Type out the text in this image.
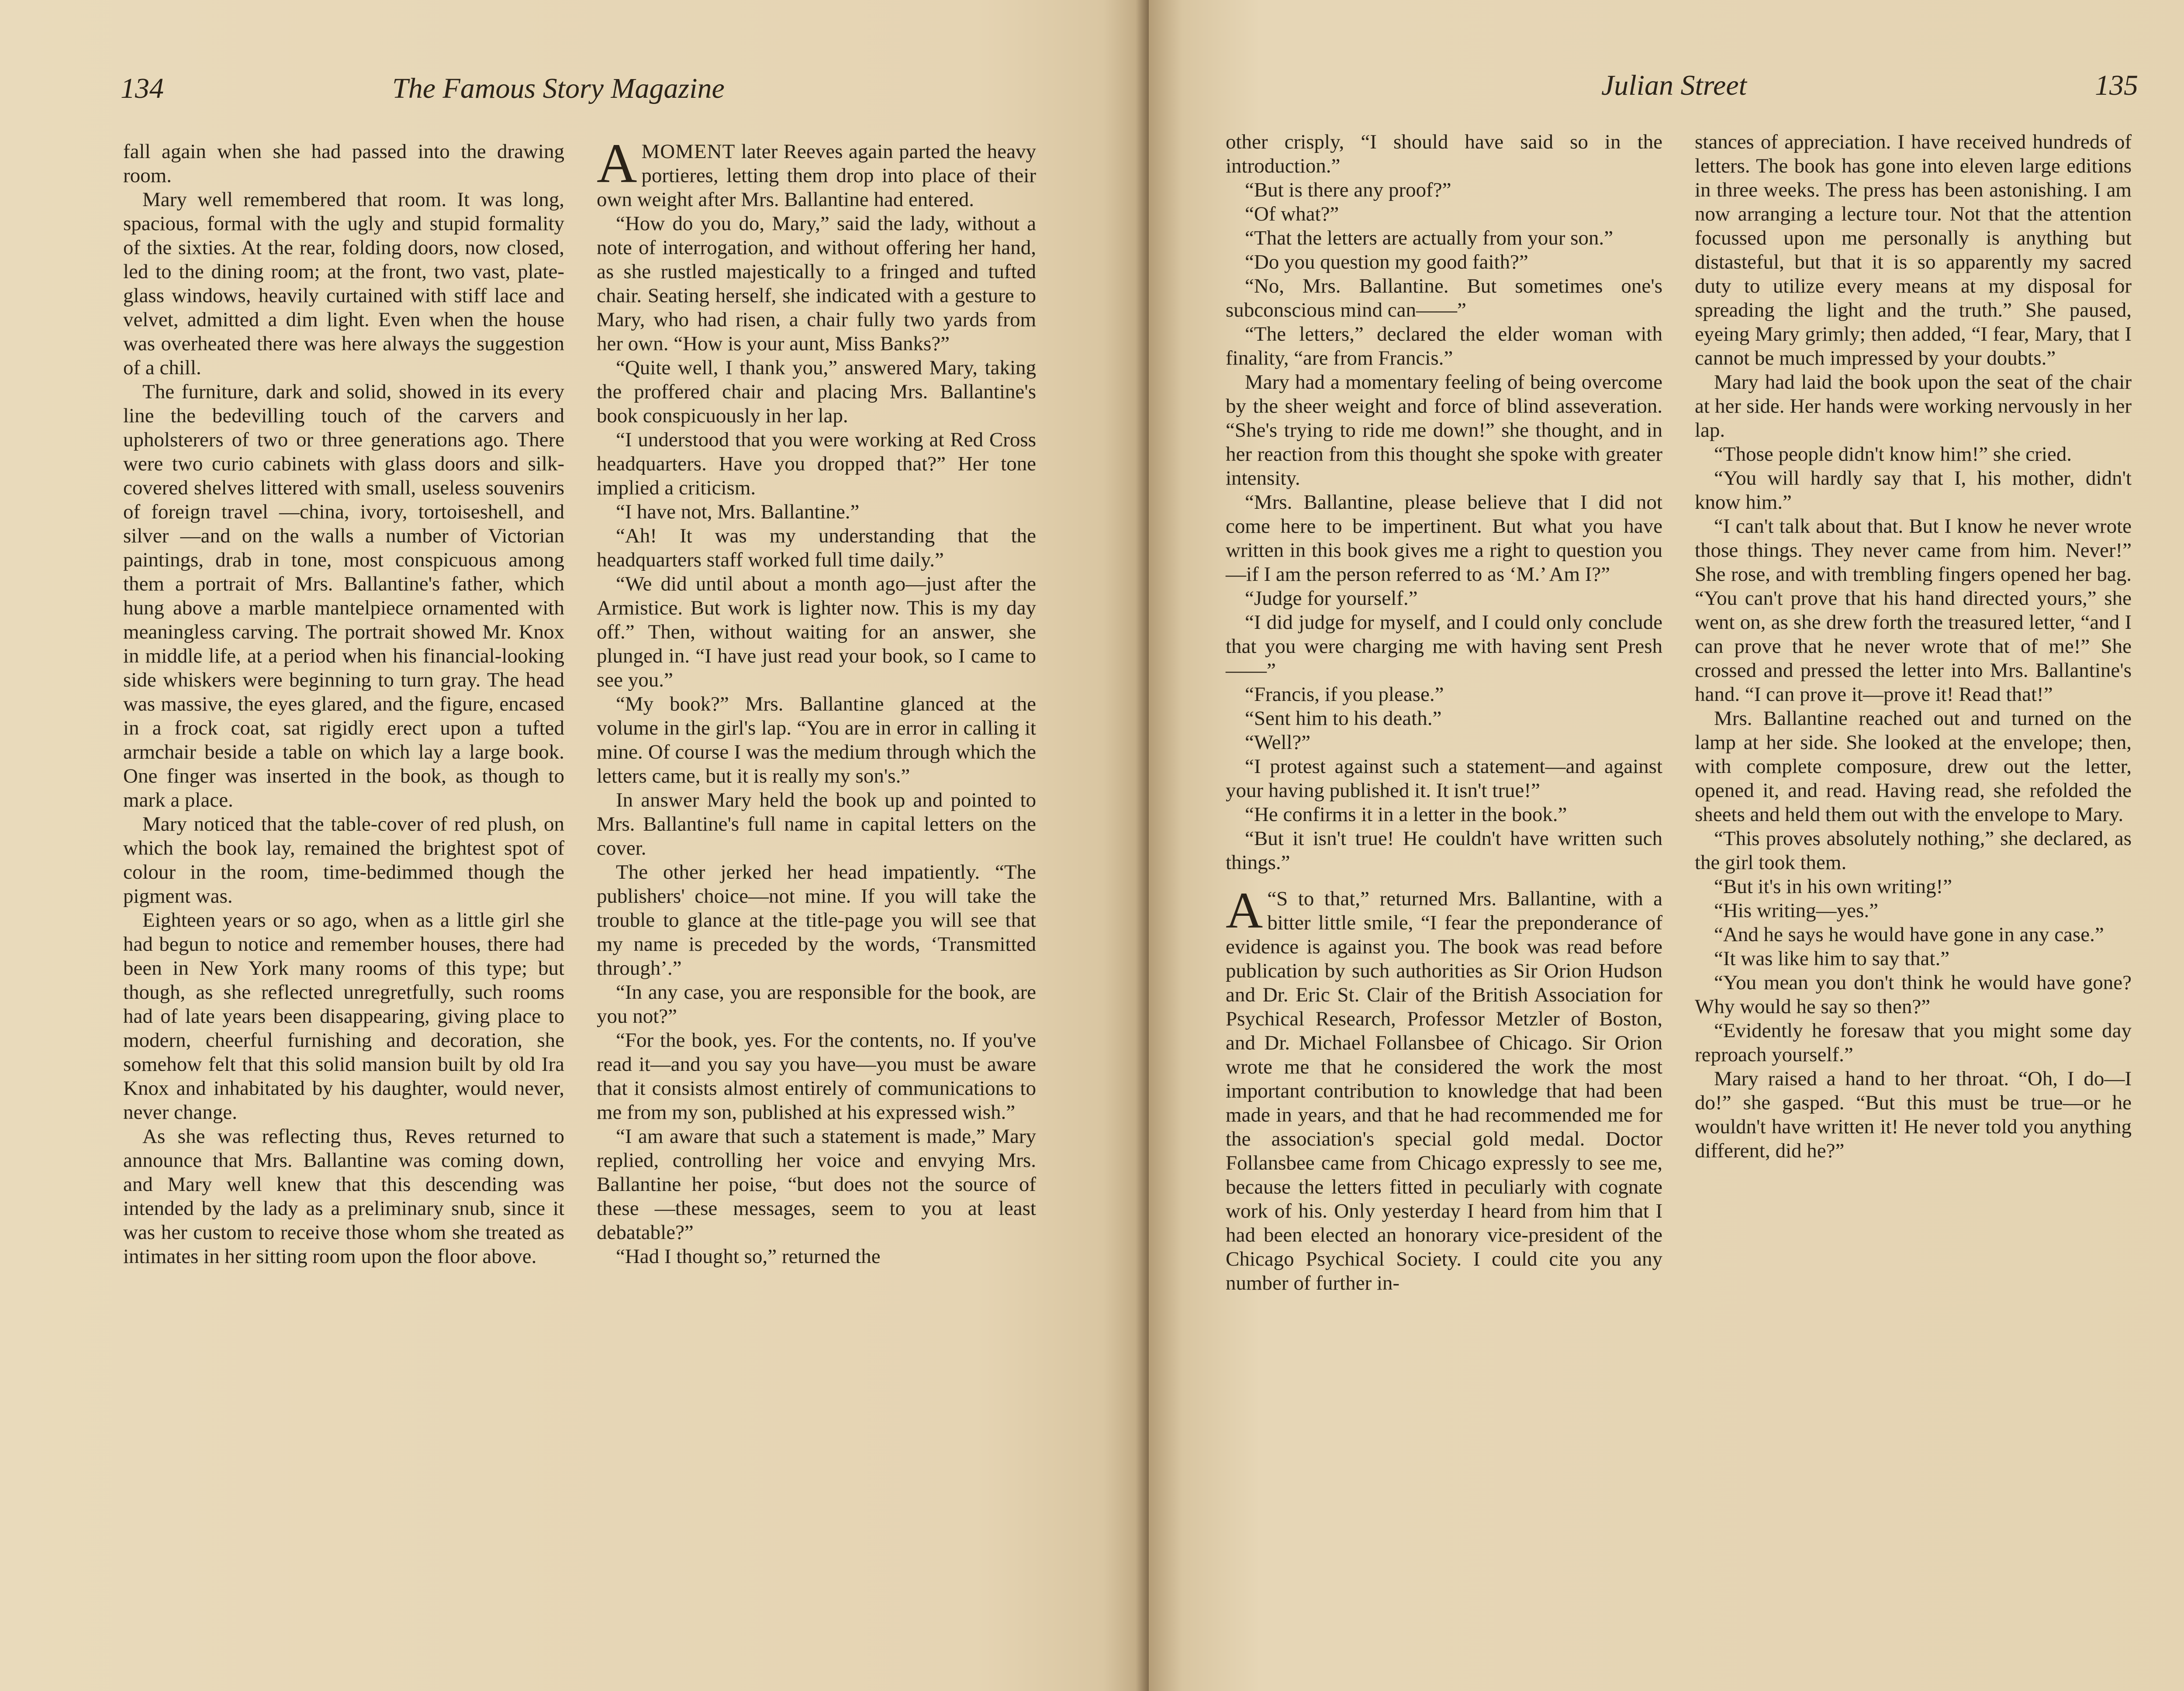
134	The Famous Story Magazine

fall again when she had passed into the drawing room.

Mary well remembered that room. It was long, spacious, formal with the ugly and stupid formality of the sixties. At the rear, folding doors, now closed, led to the dining room; at the front, two vast, plate-glass windows, heavily curtained with stiff lace and velvet, admitted a dim light. Even when the house was overheated there was here always the suggestion of a chill.

The furniture, dark and solid, showed in its every line the bedevilling touch of the carvers and upholsterers of two or three generations ago. There were two curio cabinets with glass doors and silk-covered shelves littered with small, useless souvenirs of foreign travel —china, ivory, tortoiseshell, and silver —and on the walls a number of Victorian paintings, drab in tone, most conspicuous among them a portrait of Mrs. Ballantine's father, which hung above a marble mantelpiece ornamented with meaningless carving. The portrait showed Mr. Knox in middle life, at a period when his financial-looking side whiskers were beginning to turn gray. The head was massive, the eyes glared, and the figure, encased in a frock coat, sat rigidly erect upon a tufted armchair beside a table on which lay a large book. One finger was inserted in the book, as though to mark a place.

Mary noticed that the table-cover of red plush, on which the book lay, remained the brightest spot of colour in the room, time-bedimmed though the pigment was.

Eighteen years or so ago, when as a little girl she had begun to notice and remember houses, there had been in New York many rooms of this type; but though, as she reflected unregretfully, such rooms had of late years been disappearing, giving place to modern, cheerful furnishing and decoration, she somehow felt that this solid mansion built by old Ira Knox and inhabitated by his daughter, would never, never change.

As she was reflecting thus, Reves returned to announce that Mrs. Ballantine was coming down, and Mary well knew that this descending was intended by the lady as a preliminary snub, since it was her custom to receive those whom she treated as intimates in her sitting room upon the floor above.

AMOMENT later Reeves again parted the heavy portieres, letting them drop into place of their own weight after Mrs. Ballantine had entered.

“How do you do, Mary,” said the lady, without a note of interrogation, and without offering her hand, as she rustled majestically to a fringed and tufted chair. Seating herself, she indicated with a gesture to Mary, who had risen, a chair fully two yards from her own. “How is your aunt, Miss Banks?”

“Quite well, I thank you,” answered Mary, taking the proffered chair and placing Mrs. Ballantine's book conspicuously in her lap.

“I understood that you were working at Red Cross headquarters. Have you dropped that?” Her tone implied a criticism.

“I have not, Mrs. Ballantine.”

“Ah! It was my understanding that the headquarters staff worked full time daily.”

“We did until about a month ago—just after the Armistice. But work is lighter now. This is my day off.” Then, without waiting for an answer, she plunged in. “I have just read your book, so I came to see you.”

“My book?” Mrs. Ballantine glanced at the volume in the girl's lap. “You are in error in calling it mine. Of course I was the medium through which the letters came, but it is really my son's.”

In answer Mary held the book up and pointed to Mrs. Ballantine's full name in capital letters on the cover.

The other jerked her head impatiently. “The publishers' choice—not mine. If you will take the trouble to glance at the title-page you will see that my name is preceded by the words, ‘Transmitted through’.”

“In any case, you are responsible for the book, are you not?”

“For the book, yes. For the contents, no. If you've read it—and you say you have—you must be aware that it consists almost entirely of communications to me from my son, published at his expressed wish.”

“I am aware that such a statement is made,” Mary replied, controlling her voice and envying Mrs. Ballantine her poise, “but does not the source of these —these messages, seem to you at least debatable?”

“Had I thought so,” returned the

Julian Street	135

other crisply, “I should have said so in the introduction.”

“But is there any proof?”

“Of what?”

“That the letters are actually from your son.”

“Do you question my good faith?”

“No, Mrs. Ballantine. But sometimes one's subconscious mind can——”

“The letters,” declared the elder woman with finality, “are from Francis.”

Mary had a momentary feeling of being overcome by the sheer weight and force of blind asseveration. “She's trying to ride me down!” she thought, and in her reaction from this thought she spoke with greater intensity.

“Mrs. Ballantine, please believe that I did not come here to be impertinent. But what you have written in this book gives me a right to question you—if I am the person referred to as ‘M.’ Am I?”

“Judge for yourself.”

“I did judge for myself, and I could only conclude that you were charging me with having sent Presh——”

“Francis, if you please.”

“Sent him to his death.”

“Well?”

“I protest against such a statement—and against your having published it. It isn't true!”

“He confirms it in a letter in the book.”

“But it isn't true! He couldn't have written such things.”

“
A S to that,” returned Mrs. Ballantine, with a bitter little smile, “I fear the preponderance of evidence is against you. The book was read before publication by such authorities as Sir Orion Hudson and Dr. Eric St. Clair of the British Association for Psychical Research, Professor Metzler of Boston, and Dr. Michael Follansbee of Chicago. Sir Orion wrote me that he considered the work the most important contribution to knowledge that had been made in years, and that he had recommended me for the association's special gold medal. Doctor Follansbee came from Chicago expressly to see me, because the letters fitted in peculiarly with cognate work of his. Only yesterday I heard from him that I had been elected an honorary vice-president of the Chicago Psychical Society. I could cite you any number of further in-

stances of appreciation. I have received hundreds of letters. The book has gone into eleven large editions in three weeks. The press has been astonishing. I am now arranging a lecture tour. Not that the attention focussed upon me personally is anything but distasteful, but that it is so apparently my sacred duty to utilize every means at my disposal for spreading the light and the truth.” She paused, eyeing Mary grimly; then added, “I fear, Mary, that I cannot be much impressed by your doubts.”

Mary had laid the book upon the seat of the chair at her side. Her hands were working nervously in her lap.

“Those people didn't know him!” she cried.

“You will hardly say that I, his mother, didn't know him.”

“I can't talk about that. But I know he never wrote those things. They never came from him. Never!” She rose, and with trembling fingers opened her bag. “You can't prove that his hand directed yours,” she went on, as she drew forth the treasured letter, “and I can prove that he never wrote that of me!” She crossed and pressed the letter into Mrs. Ballantine's hand. “I can prove it—prove it! Read that!”

Mrs. Ballantine reached out and turned on the lamp at her side. She looked at the envelope; then, with complete composure, drew out the letter, opened it, and read. Having read, she refolded the sheets and held them out with the envelope to Mary.

“This proves absolutely nothing,” she declared, as the girl took them.

“But it's in his own writing!”

“His writing—yes.”

“And he says he would have gone in any case.”

“It was like him to say that.”

“You mean you don't think he would have gone? Why would he say so then?”

“Evidently he foresaw that you might some day reproach yourself.”

Mary raised a hand to her throat. “Oh, I do—I do!” she gasped. “But this must be true—or he wouldn't have written it! He never told you anything different, did he?”
